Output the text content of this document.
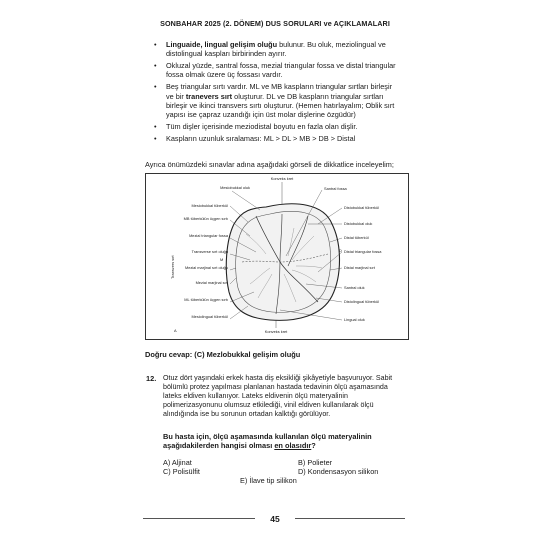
SONBAHAR 2025 (2. DÖNEM) DUS SORULARI ve AÇIKLAMALARI
• Linguaide, lingual gelişim oluğu bulunur. Bu oluk, meziolingual ve distolingual kaspları birbirinden ayırır.
• Okluzal yüzde, santral fossa, mezial triangular fossa ve distal triangular fossa olmak üzere üç fossası vardır.
• Beş triangular sırtı vardır. ML ve MB kaspların triangular sırtları birleşir ve bir tranevers sırt oluşturur. DL ve DB kaspların triangular sırtları birleşir ve ikinci transvers sırtı oluşturur. (Hemen hatırlayalım; Oblik sırt yapısı ise çapraz uzandığı için üst molar dişlerine özgüdür)
• Tüm dişler içerisinde meziodistal boyutu en fazla olan dişlir.
• Kaspların uzunluk sıralaması: ML > DL > MB > DB > Distal
Ayrıca önümüzdeki sınavlar adına aşağıdaki görseli de dikkatlice inceleyelim;
Konveks kret
Konveks kret
Transvers sırt
A
M
D
Mesiobukkal oluk
Mesiobukkal tüberkül
MB tüberkülün üçgen sırtı
Mezial triangular fossa
Transverse sırt oluğu
Mezial marjinal sırt oluğu
Mezial marjinal sırt
ML tüberkülün üçgen sırtı
Mesiolingual tüberkül
Santral fossa
Distobukkal tüberkül
Distobukkal oluk
Distal tüberkül
Distal triangular fossa
Distal marjinal sırt
Santral oluk
Distolingual tüberkül
Lingual oluk
Doğru cevap: (C) Mezlobukkal gelişim oluğu
12. Otuz dört yaşındaki erkek hasta diş eksikliği şikâyetiyle başvuruyor. Sabit bölümlü protez yapılması planlanan hastada tedavinin ölçü aşamasında lateks eldiven kullanıyor. Lateks eldivenin ölçü materyalinin polimerizasyonunu olumsuz etkilediği, vinil eldiven kullanılarak ölçü alındığında ise bu sorunun ortadan kalktığı görülüyor.
Bu hasta için, ölçü aşamasında kullanılan ölçü materyalinin aşağıdakilerden hangisi olması en olasıdır?
A) Aljinat	B) Polieter
C) Polisülfit	D) Kondensasyon silikon
E) İlave tip silikon
45
